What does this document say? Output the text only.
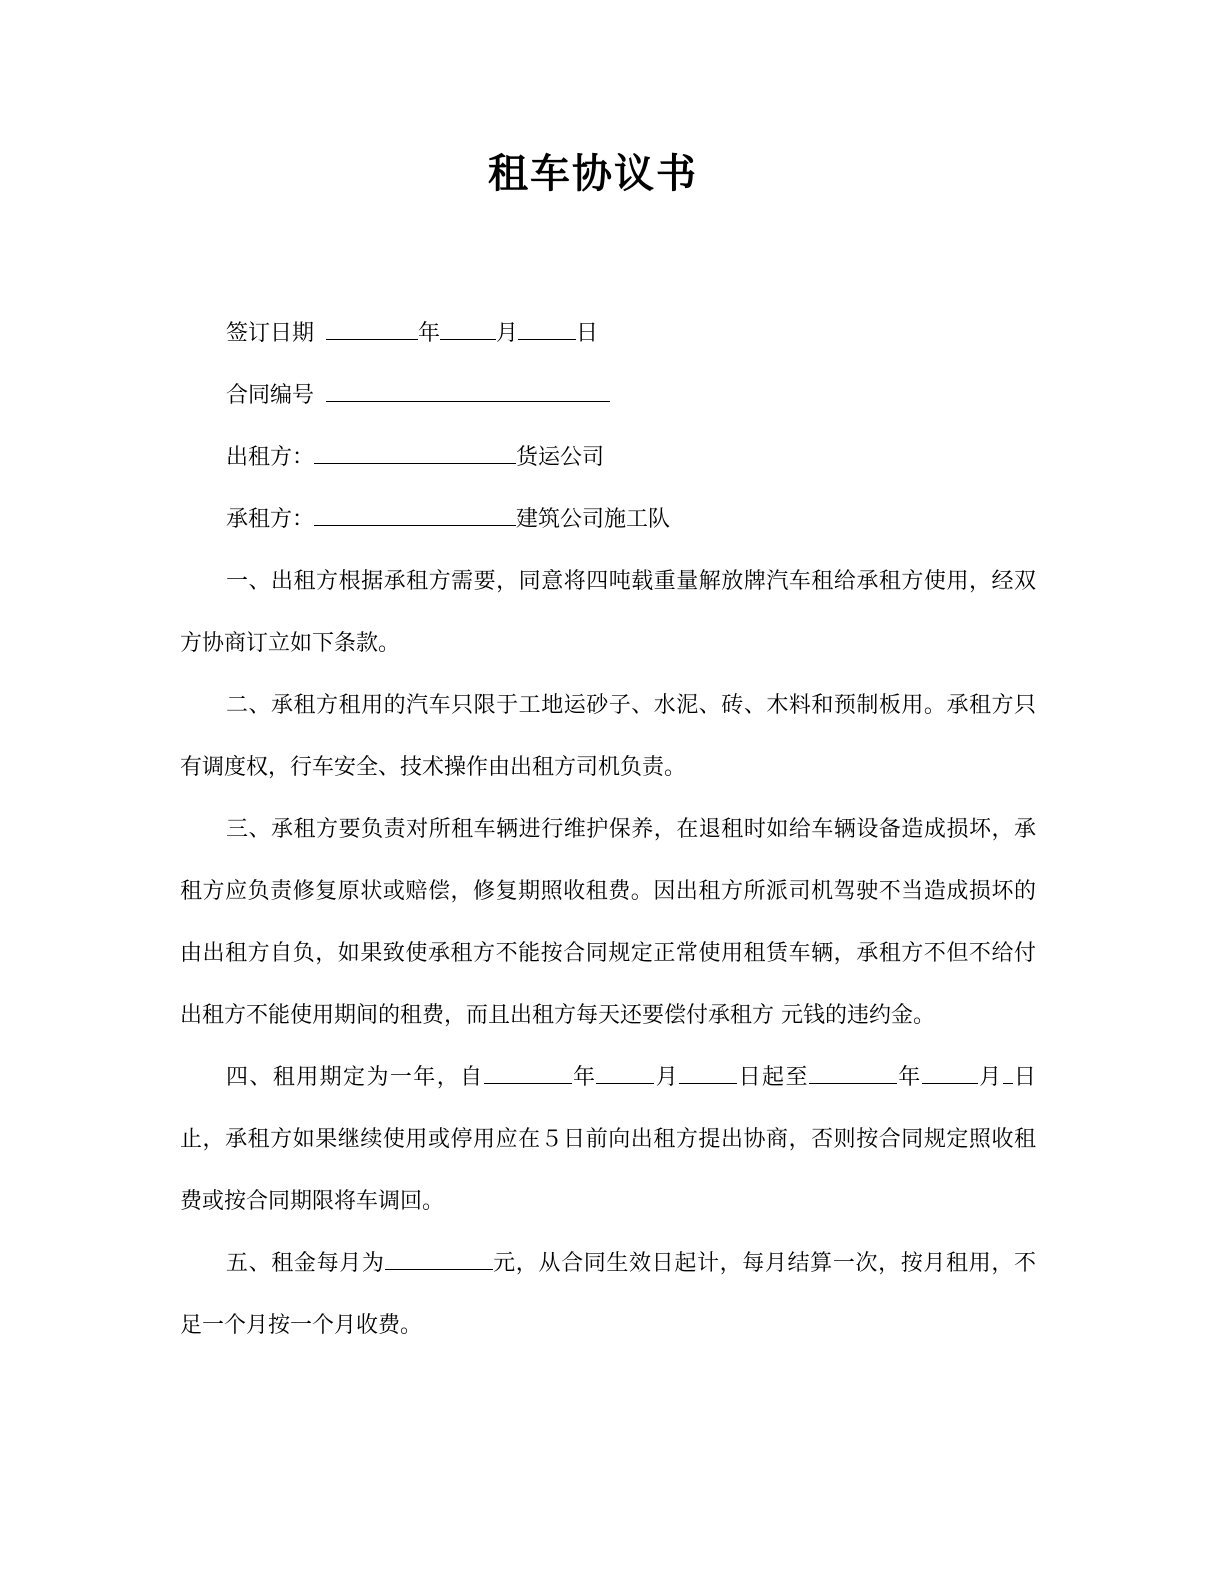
租车协议书

签订日期	年	月	日

合同编号

出租方：	货运公司

承租方：	建筑公司施工队

一、出租方根据承租方需要，同意将四吨载重量解放牌汽车租给承租方使用，经双方协商订立如下条款。

二、承租方租用的汽车只限于工地运砂子、水泥、砖、木料和预制板用。承租方只有调度权，行车安全、技术操作由出租方司机负责。

三、承租方要负责对所租车辆进行维护保养，在退租时如给车辆设备造成损坏，承租方应负责修复原状或赔偿，修复期照收租费。因出租方所派司机驾驶不当造成损坏的由出租方自负，如果致使承租方不能按合同规定正常使用租赁车辆，承租方不但不给付出租方不能使用期间的租费，而且出租方每天还要偿付承租方 元钱的违约金。

四、租用期定为一年，自	年	月	日起至	年	月 日止，承租方如果继续使用或停用应在５日前向出租方提出协商，否则按合同规定照收租费或按合同期限将车调回。

五、租金每月为	元，从合同生效日起计，每月结算一次，按月租用，不足一个月按一个月收费。
